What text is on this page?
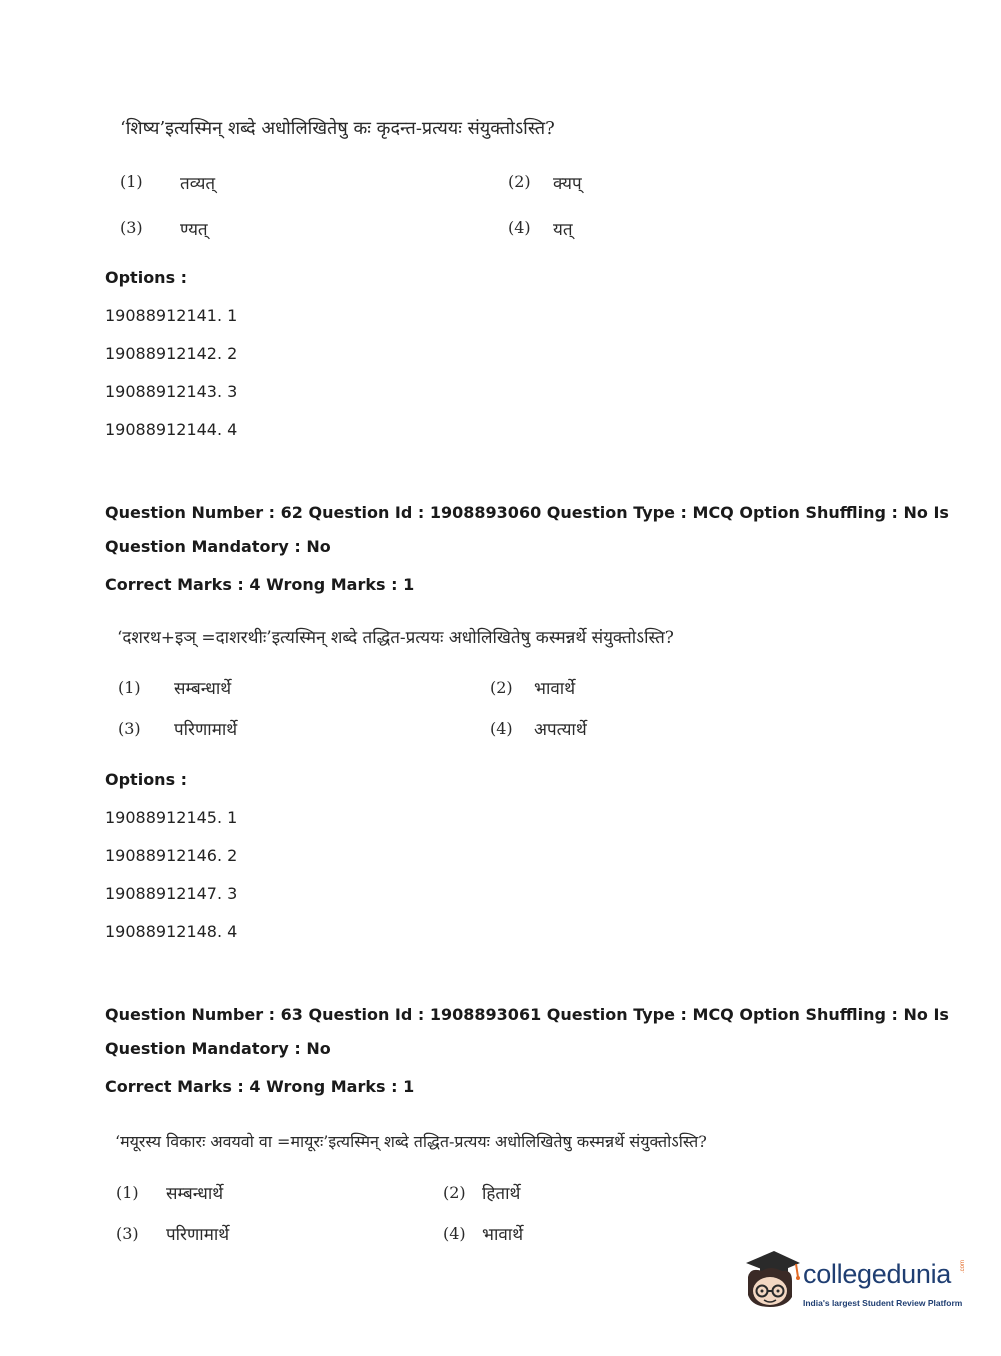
‘शिष्य’इत्यस्मिन् शब्दे अधोलिखितेषु कः कृदन्त-प्रत्ययः संयुक्तोऽस्ति?
(1) तव्यत्	(2) क्यप्
(3) ण्यत्	(4) यत्
Options :
19088912141. 1
19088912142. 2
19088912143. 3
19088912144. 4
Question Number : 62 Question Id : 1908893060 Question Type : MCQ Option Shuffling : No Is
Question Mandatory : No
Correct Marks : 4 Wrong Marks : 1
‘दशरथ+इञ् =दाशरथीः’इत्यस्मिन् शब्दे तद्धित-प्रत्ययः अधोलिखितेषु कस्मन्नर्थे संयुक्तोऽस्ति?
(1) सम्बन्धार्थे	(2) भावार्थे
(3) परिणामार्थे	(4) अपत्यार्थे
Options :
19088912145. 1
19088912146. 2
19088912147. 3
19088912148. 4
Question Number : 63 Question Id : 1908893061 Question Type : MCQ Option Shuffling : No Is
Question Mandatory : No
Correct Marks : 4 Wrong Marks : 1
‘मयूरस्य विकारः अवयवो वा =मायूरः’इत्यस्मिन् शब्दे तद्धित-प्रत्ययः अधोलिखितेषु कस्मन्नर्थे संयुक्तोऽस्ति?
(1) सम्बन्धार्थे	(2) हितार्थे
(3) परिणामार्थे	(4) भावार्थे
collegedunia .com
India's largest Student Review Platform
